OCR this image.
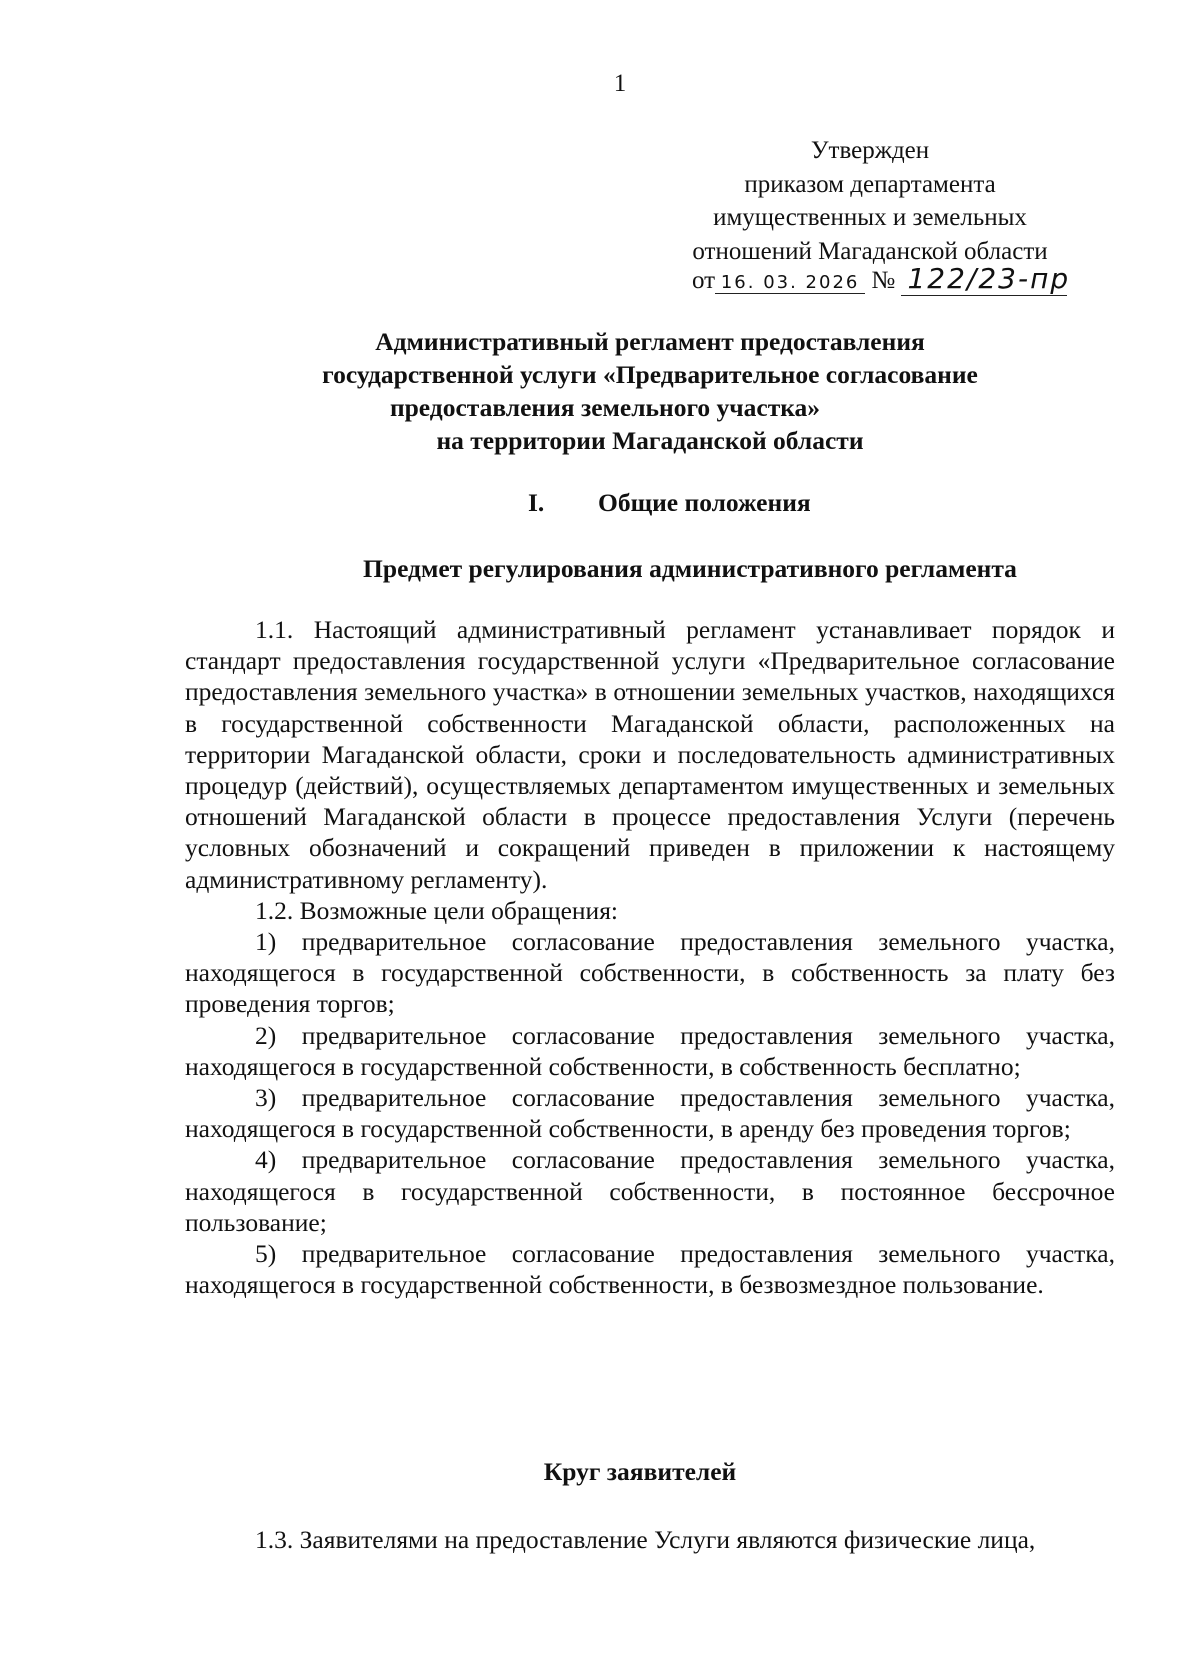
1
Утвержден
приказом департамента
имущественных и земельных
отношений Магаданской области
от 16. 03. 2026 № 122/23-пр
Административный регламент предоставления
государственной услуги «Предварительное согласование
предоставления земельного участка»
на территории Магаданской области
I. Общие положения
Предмет регулирования административного регламента

1.1. Настоящий административный регламент устанавливает порядок и стандарт предоставления государственной услуги «Предварительное согласование предоставления земельного участка» в отношении земельных участков, находящихся в государственной собственности Магаданской области, расположенных на территории Магаданской области, сроки и последовательность административных процедур (действий), осуществляемых департаментом имущественных и земельных отношений Магаданской области в процессе предоставления Услуги (перечень условных обозначений и сокращений приведен в приложении к настоящему административному регламенту).

1.2. Возможные цели обращения:

1) предварительное согласование предоставления земельного участка, находящегося в государственной собственности, в собственность за плату без проведения торгов;

2) предварительное согласование предоставления земельного участка, находящегося в государственной собственности, в собственность бесплатно;

3) предварительное согласование предоставления земельного участка, находящегося в государственной собственности, в аренду без проведения торгов;

4) предварительное согласование предоставления земельного участка, находящегося в государственной собственности, в постоянное бессрочное пользование;

5) предварительное согласование предоставления земельного участка, находящегося в государственной собственности, в безвозмездное пользование.

Круг заявителей

1.3. Заявителями на предоставление Услуги являются физические лица,
